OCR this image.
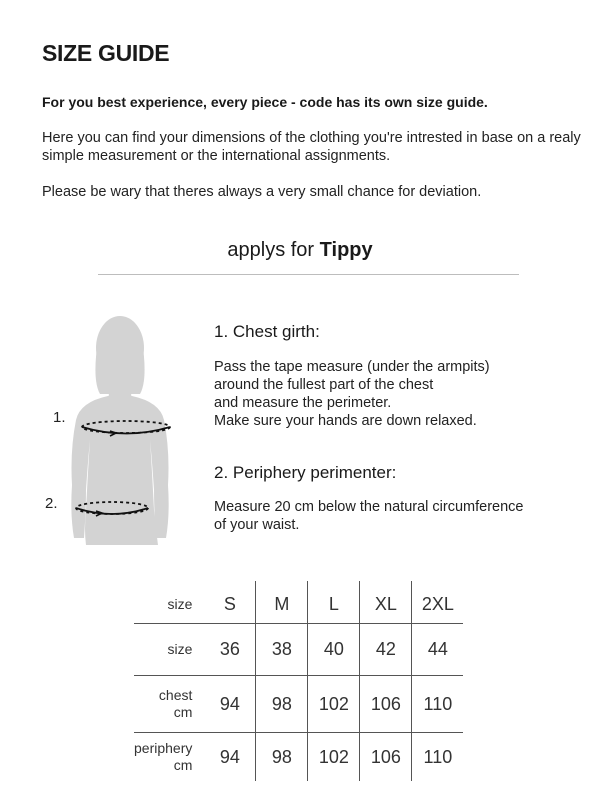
SIZE GUIDE
For you best experience, every piece - code has its own size guide.
Here you can find your dimensions of the clothing you're intrested in base on a realy simple measurement or the international assignments.
Please be wary that theres always a very small chance for deviation.
applys for Tippy
1.
2.
1. Chest girth:
Pass the tape measure (under the armpits)
around the fullest part of the chest
and measure the perimeter.
Make sure your hands are down relaxed.
2. Periphery perimenter:
Measure 20 cm below the natural circumference
of your waist.
size	S	M	L	XL	2XL
size	36	38	40	42	44

chest
cm	94	98	102	106	110

periphery
cm	94	98	102	106	110
